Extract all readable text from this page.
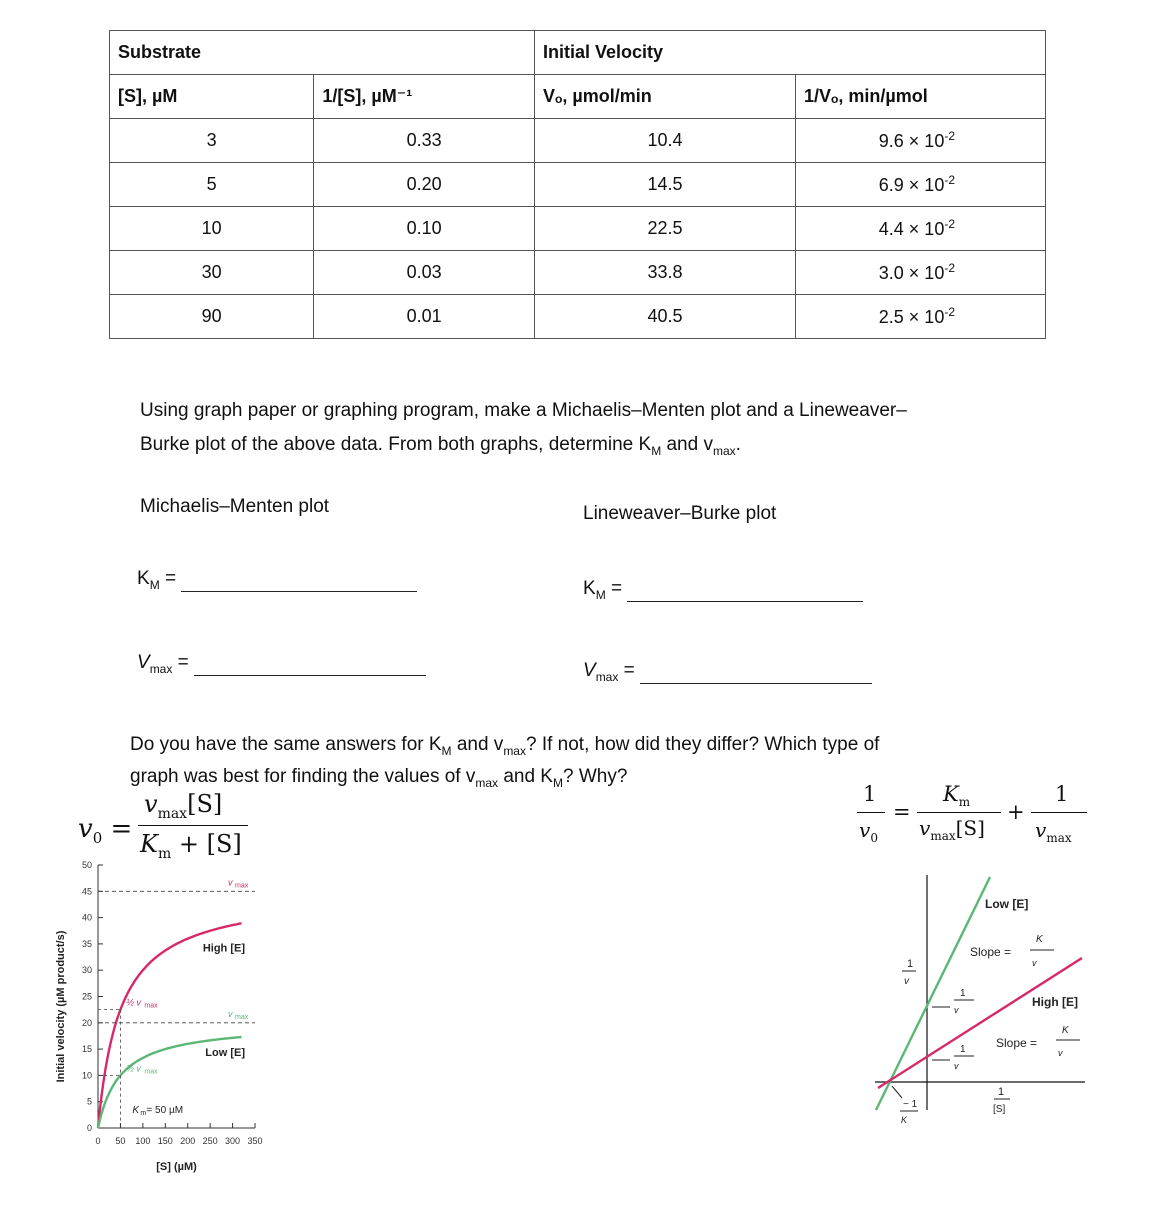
Substrate		Initial Velocity	
[S], µM	1/[S], µM⁻¹	Vₒ, µmol/min	1/Vₒ, min/µmol
3	0.33	10.4	$9.6 \times 10^{-2}$
5	0.20	14.5	$6.9 \times 10^{-2}$
10	0.10	22.5	$4.4 \times 10^{-2}$
30	0.03	33.8	$3.0 \times 10^{-2}$
90	0.01	40.5	$2.5 \times 10^{-2}$
Using graph paper or graphing program, make a Michaelis–Menten plot and a Lineweaver–
Burke plot of the above data. From both graphs, determine $K_M$ and $v_{max}$.
Michaelis–Menten plot	Lineweaver–Burke plot
$K_M$ =	$K_M$ =
$V_{max}$ =	$V_{max}$ =
Do you have the same answers for $K_M$ and $v_{max}$? If not, how did they differ? Which type of
graph was best for finding the values of $v_{max}$ and $K_M$? Why?
$v_0$ =
$v_{max}[S]$
$K_m + [S]$
1
$v_0$
=
$K_m$
$v_{max}[S]$
+
1
$v_{max}$
0
5
10
15
20
25
30
35
40
45
50
0 50 100 150 200 250 300 350
[S] (µM)
Initial velocity (µM product/s)	High [E]
v max
½ v max
Low [E]
v max
½ v max
K m = 50 µM
Low [E]
High [E]
Slope =
K
v
Slope =
K
v
1
v
1
v
1
v
− 1
K
1
[S]
